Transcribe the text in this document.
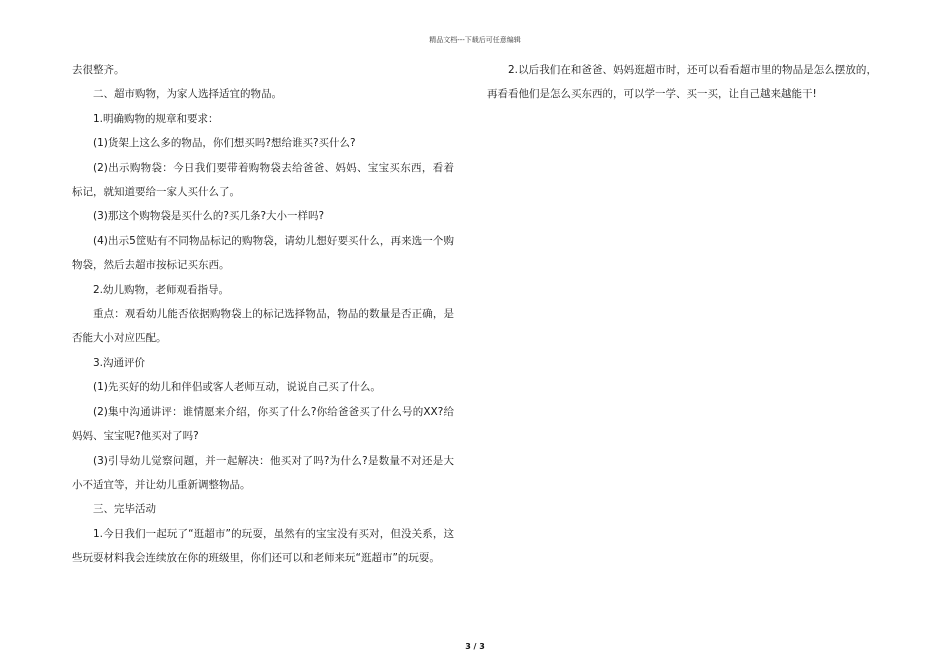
精品文档---下载后可任意编辑

去很整齐。

二、超市购物，为家人选择适宜的物品。

1.明确购物的规章和要求：

(1)货架上这么多的物品，你们想买吗?想给谁买?买什么?

(2)出示购物袋：今日我们要带着购物袋去给爸爸、妈妈、宝宝买东西，看着标记，就知道要给一家人买什么了。

(3)那这个购物袋是买什么的?买几条?大小一样吗?

(4)出示5筐贴有不同物品标记的购物袋，请幼儿想好要买什么，再来选一个购物袋，然后去超市按标记买东西。

2.幼儿购物，老师观看指导。

重点：观看幼儿能否依据购物袋上的标记选择物品，物品的数量是否正确，是否能大小对应匹配。

3.沟通评价

(1)先买好的幼儿和伴侣或客人老师互动，说说自己买了什么。

(2)集中沟通讲评：谁情愿来介绍，你买了什么?你给爸爸买了什么号的XX?给妈妈、宝宝呢?他买对了吗?

(3)引导幼儿觉察问题，并一起解决：他买对了吗?为什么?是数量不对还是大小不适宜等，并让幼儿重新调整物品。

三、完毕活动

1.今日我们一起玩了“逛超市”的玩耍，虽然有的宝宝没有买对，但没关系，这些玩耍材料我会连续放在你的班级里，你们还可以和老师来玩“逛超市”的玩耍。

2.以后我们在和爸爸、妈妈逛超市时，还可以看看超市里的物品是怎么摆放的，再看看他们是怎么买东西的，可以学一学、买一买，让自己越来越能干!

3 / 3
